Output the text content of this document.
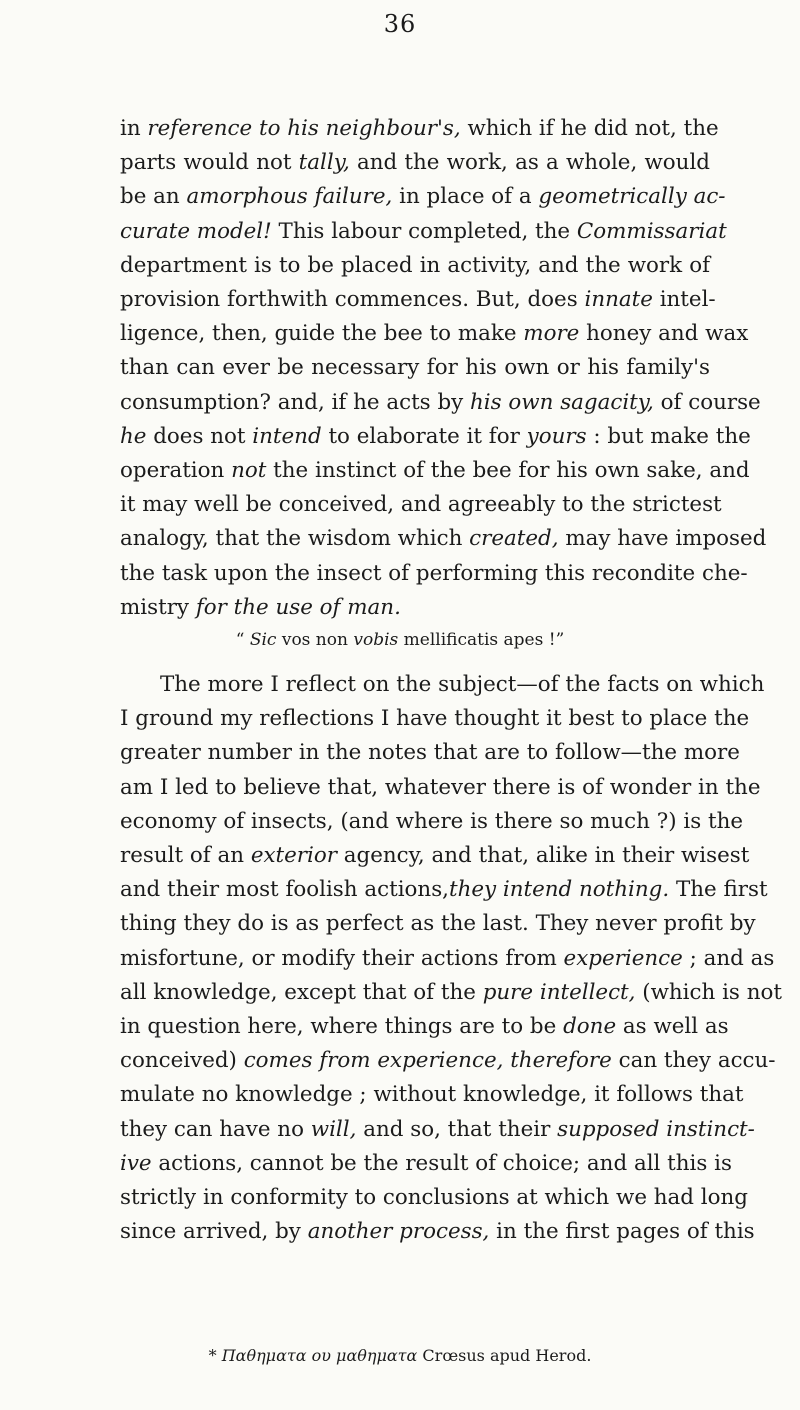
36
in reference to his neighbour's, which if he did not, the
parts would not tally, and the work, as a whole, would
be an amorphous failure, in place of a geometrically ac-
curate model! This labour completed, the Commissariat
department is to be placed in activity, and the work of
provision forthwith commences. But, does innate intel-
ligence, then, guide the bee to make more honey and wax
than can ever be necessary for his own or his family's
consumption? and, if he acts by his own sagacity, of course
he does not intend to elaborate it for yours : but make the
operation not the instinct of the bee for his own sake, and
it may well be conceived, and agreeably to the strictest
analogy, that the wisdom which created, may have imposed
the task upon the insect of performing this recondite che-
mistry for the use of man.
“ Sic vos non vobis mellificatis apes !”
The more I reflect on the subject—of the facts on which
I ground my reflections I have thought it best to place the
greater number in the notes that are to follow—the more
am I led to believe that, whatever there is of wonder in the
economy of insects, (and where is there so much ?) is the
result of an exterior agency, and that, alike in their wisest
and their most foolish actions,they intend nothing. The first
thing they do is as perfect as the last. They never profit by
misfortune, or modify their actions from experience ; and as
all knowledge, except that of the pure intellect, (which is not
in question here, where things are to be done as well as
conceived) comes from experience, therefore can they accu-
mulate no knowledge ; without knowledge, it follows that
they can have no will, and so, that their supposed instinct-
ive actions, cannot be the result of choice; and all this is
strictly in conformity to conclusions at which we had long
since arrived, by another process, in the first pages of this
* Παθηματα ου μαθηματα Crœsus apud Herod.
